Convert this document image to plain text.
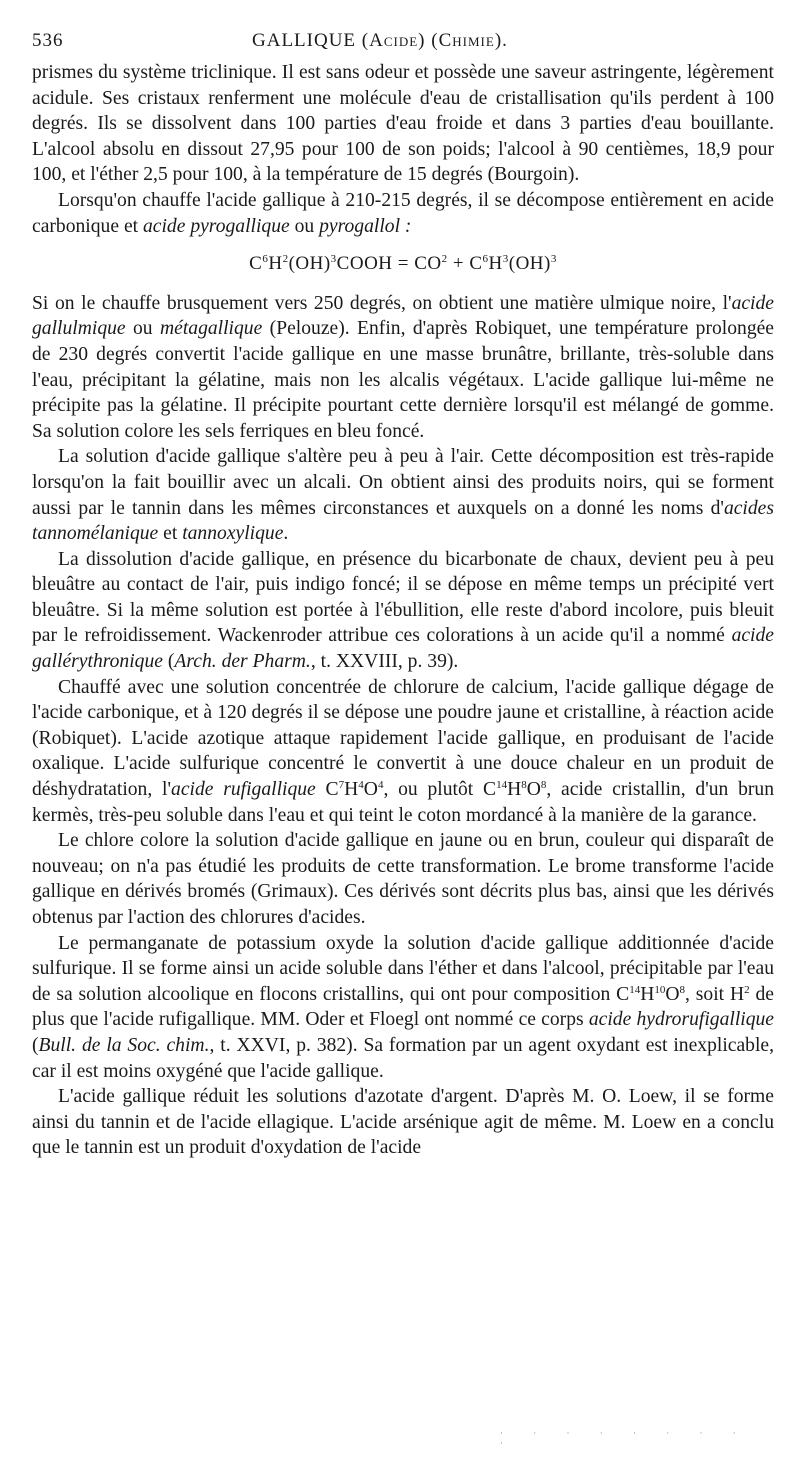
536	GALLIQUE (Acide) (Chimie).

prismes du système triclinique. Il est sans odeur et possède une saveur astringente, légèrement acidule. Ses cristaux renferment une molécule d'eau de cristallisation qu'ils perdent à 100 degrés. Ils se dissolvent dans 100 parties d'eau froide et dans 3 parties d'eau bouillante. L'alcool absolu en dissout 27,95 pour 100 de son poids; l'alcool à 90 centièmes, 18,9 pour 100, et l'éther 2,5 pour 100, à la température de 15 degrés (Bourgoin).

Lorsqu'on chauffe l'acide gallique à 210-215 degrés, il se décompose entièrement en acide carbonique et acide pyrogallique ou pyrogallol :

$C^6H^2(OH)^3COOH = CO^2 + C^6H^3(OH)^3$

Si on le chauffe brusquement vers 250 degrés, on obtient une matière ulmique noire, l'acide gallulmique ou métagallique (Pelouze). Enfin, d'après Robiquet, une température prolongée de 230 degrés convertit l'acide gallique en une masse brunâtre, brillante, très-soluble dans l'eau, précipitant la gélatine, mais non les alcalis végétaux. L'acide gallique lui-même ne précipite pas la gélatine. Il précipite pourtant cette dernière lorsqu'il est mélangé de gomme. Sa solution colore les sels ferriques en bleu foncé.

La solution d'acide gallique s'altère peu à peu à l'air. Cette décomposition est très-rapide lorsqu'on la fait bouillir avec un alcali. On obtient ainsi des produits noirs, qui se forment aussi par le tannin dans les mêmes circonstances et auxquels on a donné les noms d'acides tannomélanique et tannoxylique.

La dissolution d'acide gallique, en présence du bicarbonate de chaux, devient peu à peu bleuâtre au contact de l'air, puis indigo foncé; il se dépose en même temps un précipité vert bleuâtre. Si la même solution est portée à l'ébullition, elle reste d'abord incolore, puis bleuit par le refroidissement. Wackenroder attribue ces colorations à un acide qu'il a nommé acide gallérythronique (Arch. der Pharm., t. XXVIII, p. 39).

Chauffé avec une solution concentrée de chlorure de calcium, l'acide gallique dégage de l'acide carbonique, et à 120 degrés il se dépose une poudre jaune et cristalline, à réaction acide (Robiquet). L'acide azotique attaque rapidement l'acide gallique, en produisant de l'acide oxalique. L'acide sulfurique concentré le convertit à une douce chaleur en un produit de déshydratation, l'acide rufigallique $C^7H^4O^4$, ou plutôt $C^{14}H^8O^8$, acide cristallin, d'un brun kermès, très-peu soluble dans l'eau et qui teint le coton mordancé à la manière de la garance.

Le chlore colore la solution d'acide gallique en jaune ou en brun, couleur qui disparaît de nouveau; on n'a pas étudié les produits de cette transformation. Le brome transforme l'acide gallique en dérivés bromés (Grimaux). Ces dérivés sont décrits plus bas, ainsi que les dérivés obtenus par l'action des chlorures d'acides.

Le permanganate de potassium oxyde la solution d'acide gallique additionnée d'acide sulfurique. Il se forme ainsi un acide soluble dans l'éther et dans l'alcool, précipitable par l'eau de sa solution alcoolique en flocons cristallins, qui ont pour composition $C^{14}H^{10}O^8$, soit $H^2$ de plus que l'acide rufigallique. MM. Oder et Floegl ont nommé ce corps acide hydrorufigallique (Bull. de la Soc. chim., t. XXVI, p. 382). Sa formation par un agent oxydant est inexplicable, car il est moins oxygéné que l'acide gallique.

L'acide gallique réduit les solutions d'azotate d'argent. D'après M. O. Loew, il se forme ainsi du tannin et de l'acide ellagique. L'acide arsénique agit de même. M. Loew en a conclu que le tannin est un produit d'oxydation de l'acide

· · · · · · · · ·
